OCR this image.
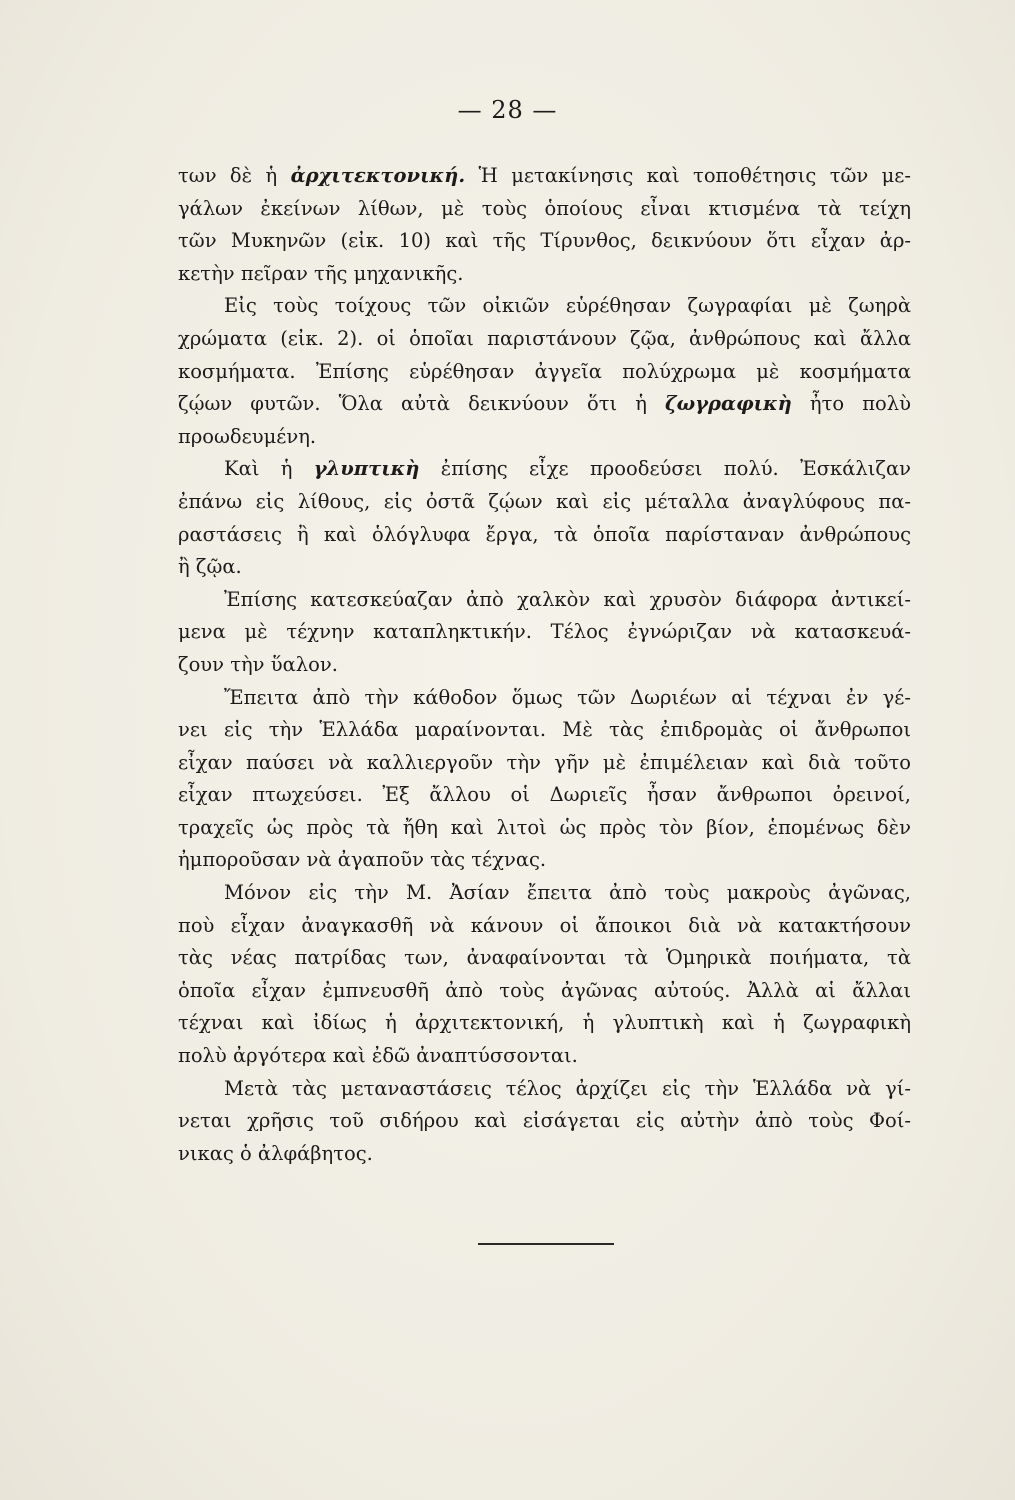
— 28 —
των δὲ ἡ ἀρχιτεκτονική. Ἡ μετακίνησις καὶ τοποθέτησις τῶν με-
γάλων ἐκείνων λίθων, μὲ τοὺς ὁποίους εἶναι κτισμένα τὰ τείχη
τῶν Μυκηνῶν (εἰκ. 10) καὶ τῆς Τίρυνθος, δεικνύουν ὅτι εἶχαν ἀρ-
κετὴν πεῖραν τῆς μηχανικῆς.
Εἰς τοὺς τοίχους τῶν οἰκιῶν εὑρέθησαν ζωγραφίαι μὲ ζωηρὰ
χρώματα (εἰκ. 2). οἱ ὁποῖαι παριστάνουν ζῷα, ἀνθρώπους καὶ ἄλλα
κοσμήματα. Ἐπίσης εὑρέθησαν ἀγγεῖα πολύχρωμα μὲ κοσμήματα
ζῴων φυτῶν. Ὅλα αὐτὰ δεικνύουν ὅτι ἡ ζωγραφικὴ ἦτο πολὺ
προωδευμένη.
Καὶ ἡ γλυπτικὴ ἐπίσης εἶχε προοδεύσει πολύ. Ἐσκάλιζαν
ἐπάνω εἰς λίθους, εἰς ὀστᾶ ζῴων καὶ εἰς μέταλλα ἀναγλύφους πα-
ραστάσεις ἢ καὶ ὁλόγλυφα ἔργα, τὰ ὁποῖα παρίσταναν ἀνθρώπους
ἢ ζῷα.
Ἐπίσης κατεσκεύαζαν ἀπὸ χαλκὸν καὶ χρυσὸν διάφορα ἀντικεί-
μενα μὲ τέχνην καταπληκτικήν. Τέλος ἐγνώριζαν νὰ κατασκευά-
ζουν τὴν ὕαλον.
Ἔπειτα ἀπὸ τὴν κάθοδον ὅμως τῶν Δωριέων αἱ τέχναι ἐν γέ-
νει εἰς τὴν Ἑλλάδα μαραίνονται. Μὲ τὰς ἐπιδρομὰς οἱ ἄνθρωποι
εἶχαν παύσει νὰ καλλιεργοῦν τὴν γῆν μὲ ἐπιμέλειαν καὶ διὰ τοῦτο
εἶχαν πτωχεύσει. Ἐξ ἄλλου οἱ Δωριεῖς ἦσαν ἄνθρωποι ὀρεινοί,
τραχεῖς ὡς πρὸς τὰ ἤθη καὶ λιτοὶ ὡς πρὸς τὸν βίον, ἑπομένως δὲν
ἠμποροῦσαν νὰ ἀγαποῦν τὰς τέχνας.
Μόνον εἰς τὴν Μ. Ἀσίαν ἔπειτα ἀπὸ τοὺς μακροὺς ἀγῶνας,
ποὺ εἶχαν ἀναγκασθῆ νὰ κάνουν οἱ ἄποικοι διὰ νὰ κατακτήσουν
τὰς νέας πατρίδας των, ἀναφαίνονται τὰ Ὁμηρικὰ ποιήματα, τὰ
ὁποῖα εἶχαν ἐμπνευσθῆ ἀπὸ τοὺς ἀγῶνας αὐτούς. Ἀλλὰ αἱ ἄλλαι
τέχναι καὶ ἰδίως ἡ ἀρχιτεκτονική, ἡ γλυπτικὴ καὶ ἡ ζωγραφικὴ
πολὺ ἀργότερα καὶ ἐδῶ ἀναπτύσσονται.
Μετὰ τὰς μεταναστάσεις τέλος ἀρχίζει εἰς τὴν Ἑλλάδα νὰ γί-
νεται χρῆσις τοῦ σιδήρου καὶ εἰσάγεται εἰς αὐτὴν ἀπὸ τοὺς Φοί-
νικας ὁ ἀλφάβητος.
